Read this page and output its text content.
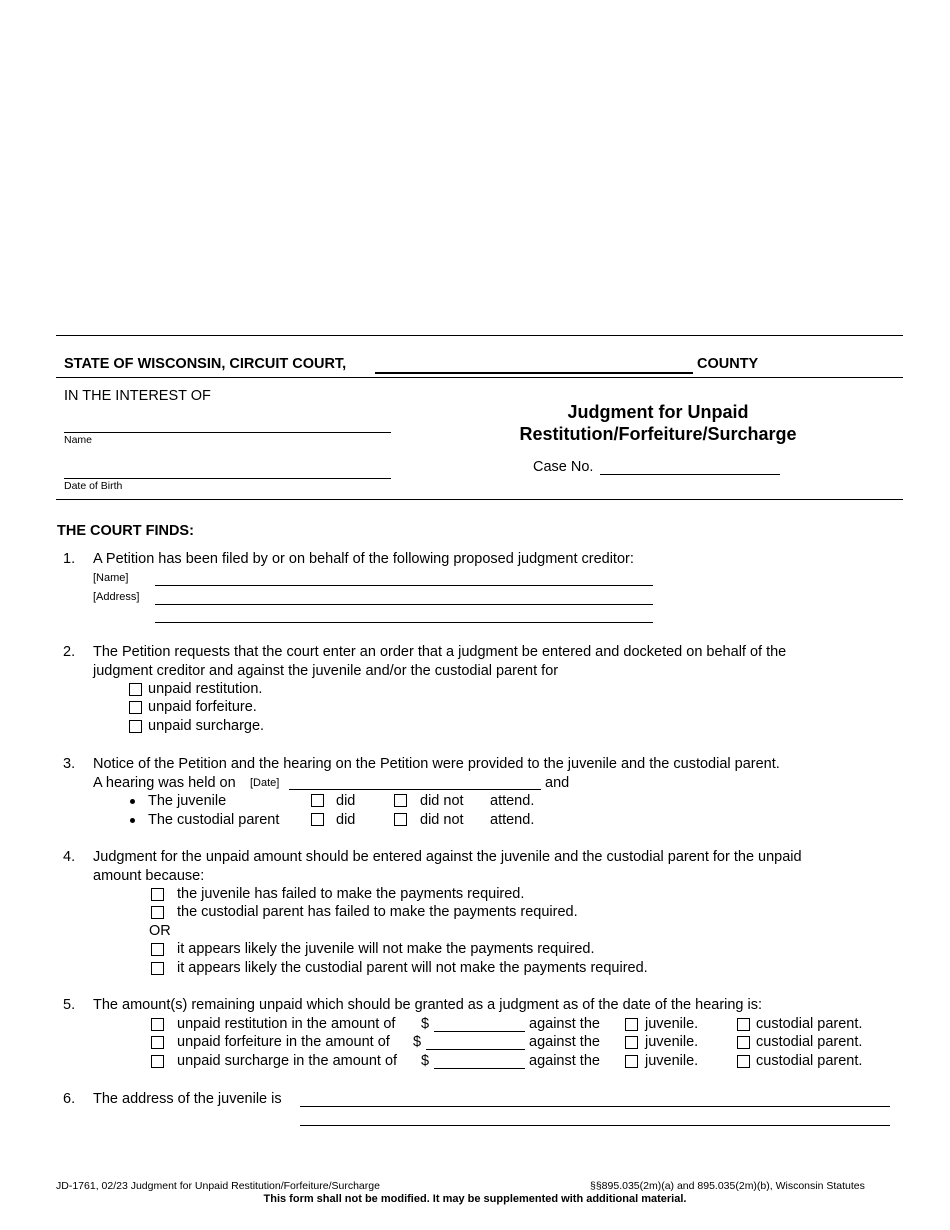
STATE OF WISCONSIN, CIRCUIT COURT,	COUNTY
IN THE INTEREST OF
Name
Date of Birth
Judgment for Unpaid
Restitution/Forfeiture/Surcharge
Case No.
THE COURT FINDS:
1. A Petition has been filed by or on behalf of the following proposed judgment creditor:
[Name]
[Address]
2. The Petition requests that the court enter an order that a judgment be entered and docketed on behalf of the
judgment creditor and against the juvenile and/or the custodial parent for
unpaid restitution.
unpaid forfeiture.
unpaid surcharge.
3. Notice of the Petition and the hearing on the Petition were provided to the juvenile and the custodial parent.
A hearing was held on [Date]	and
The juvenile	did	did not attend.
The custodial parent	did	did not attend.
4. Judgment for the unpaid amount should be entered against the juvenile and the custodial parent for the unpaid
amount because:
the juvenile has failed to make the payments required.
the custodial parent has failed to make the payments required.
OR
it appears likely the juvenile will not make the payments required.
it appears likely the custodial parent will not make the payments required.
5. The amount(s) remaining unpaid which should be granted as a judgment as of the date of the hearing is:
unpaid restitution in the amount of $	against the	juvenile.	custodial parent.
unpaid forfeiture in the amount of $	against the	juvenile.	custodial parent.
unpaid surcharge in the amount of $	against the	juvenile.	custodial parent.
6. The address of the juvenile is
JD-1761, 02/23 Judgment for Unpaid Restitution/Forfeiture/Surcharge	§§895.035(2m)(a) and 895.035(2m)(b), Wisconsin Statutes
This form shall not be modified. It may be supplemented with additional material.
